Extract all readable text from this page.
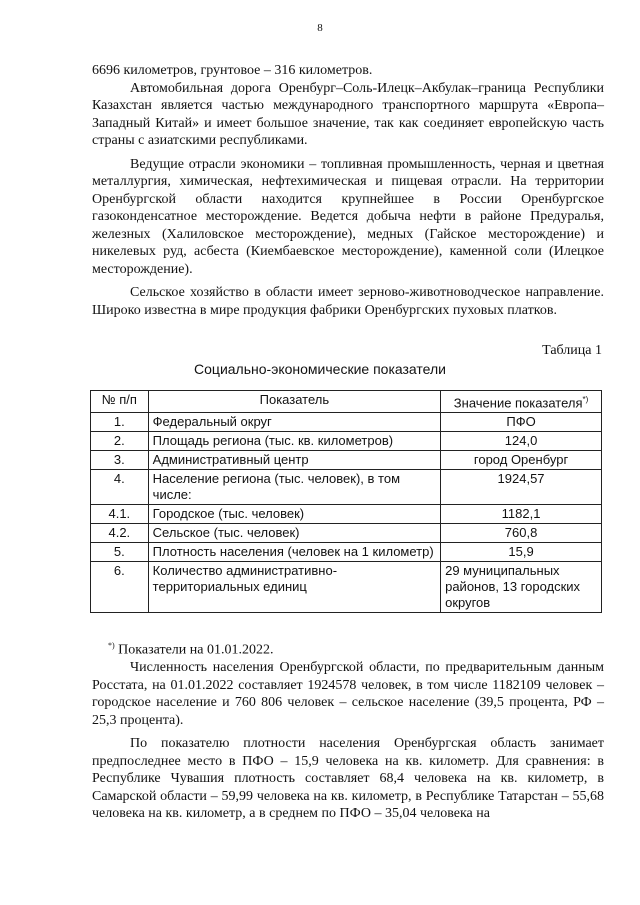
8

6696 километров, грунтовое – 316 километров.

Автомобильная дорога Оренбург–Соль-Илецк–Акбулак–граница Республики Казахстан является частью международного транспортного маршрута «Европа–Западный Китай» и имеет большое значение, так как соединяет европейскую часть страны с азиатскими республиками.

Ведущие отрасли экономики – топливная промышленность, черная и цветная металлургия, химическая, нефтехимическая и пищевая отрасли. На территории Оренбургской области находится крупнейшее в России Оренбургское газоконденсатное месторождение. Ведется добыча нефти в районе Предуралья, железных (Халиловское месторождение), медных (Гайское месторождение) и никелевых руд, асбеста (Киембаевское месторождение), каменной соли (Илецкое месторождение).

Сельское хозяйство в области имеет зерново-животноводческое направление. Широко известна в мире продукция фабрики Оренбургских пуховых платков.

Таблица 1
Социально-экономические показатели
№ п/п	Показатель	Значение показателя*)
1.	Федеральный округ	ПФО
2.	Площадь региона (тыс. кв. километров)	124,0
3.	Административный центр	город Оренбург
4.	Население региона (тыс. человек), в том числе:	1924,57
4.1.	Городское (тыс. человек)	1182,1
4.2.	Сельское (тыс. человек)	760,8
5.	Плотность населения (человек на 1 километр)	15,9
6.	Количество административно-территориальных единиц	29 муниципальных районов, 13 городских округов
*) Показатели на 01.01.2022.

Численность населения Оренбургской области, по предварительным данным Росстата, на 01.01.2022 составляет 1924578 человек, в том числе 1182109 человек – городское население и 760 806 человек – сельское население (39,5 процента, РФ – 25,3 процента).

По показателю плотности населения Оренбургская область занимает предпоследнее место в ПФО – 15,9 человека на кв. километр. Для сравнения: в Республике Чувашия плотность составляет 68,4 человека на кв. километр, в Самарской области – 59,99 человека на кв. километр, в Республике Татарстан – 55,68 человека на кв. километр, а в среднем по ПФО – 35,04 человека на
